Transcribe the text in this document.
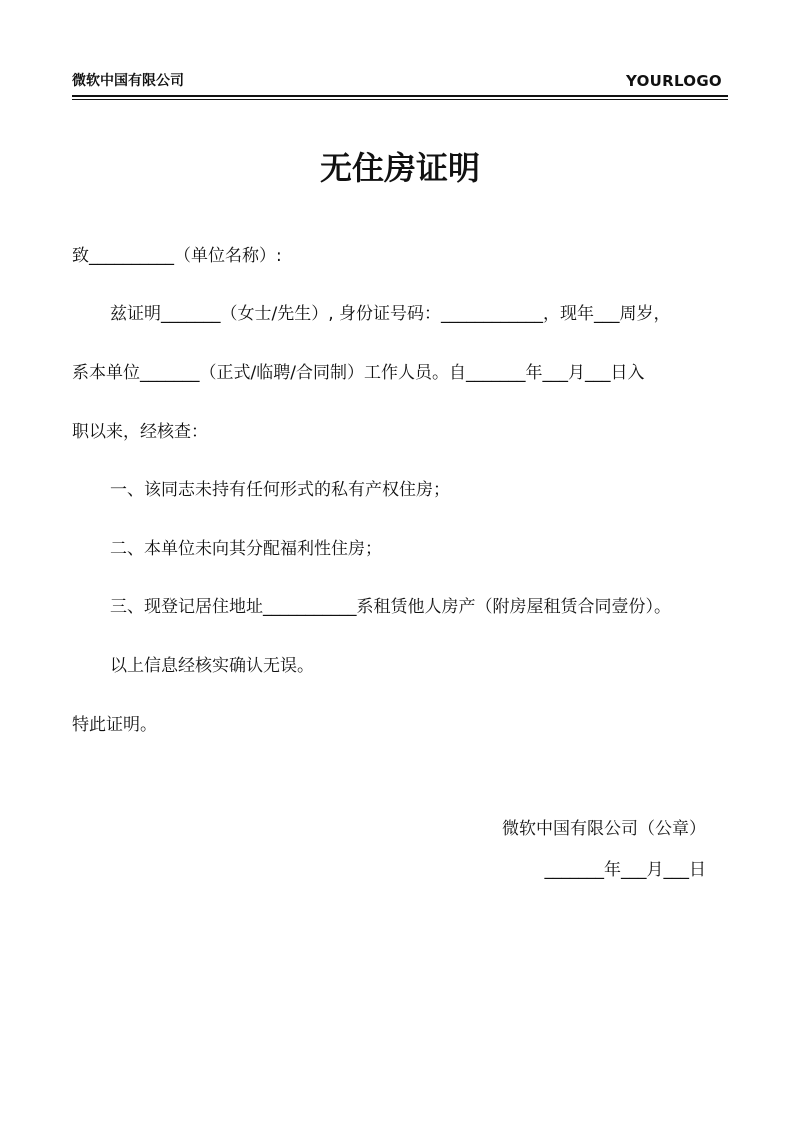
微软中国有限公司	YOURLOGO
无住房证明
致__________（单位名称）:
兹证明_______（女士/先生）, 身份证号码：____________，现年___周岁，
系本单位_______（正式/临聘/合同制）工作人员。自_______年___月___日入
职以来，经核查：
一、该同志未持有任何形式的私有产权住房；
二、本单位未向其分配福利性住房；
三、现登记居住地址___________系租赁他人房产（附房屋租赁合同壹份）。
以上信息经核实确认无误。
特此证明。
微软中国有限公司（公章）
_______年___月___日
